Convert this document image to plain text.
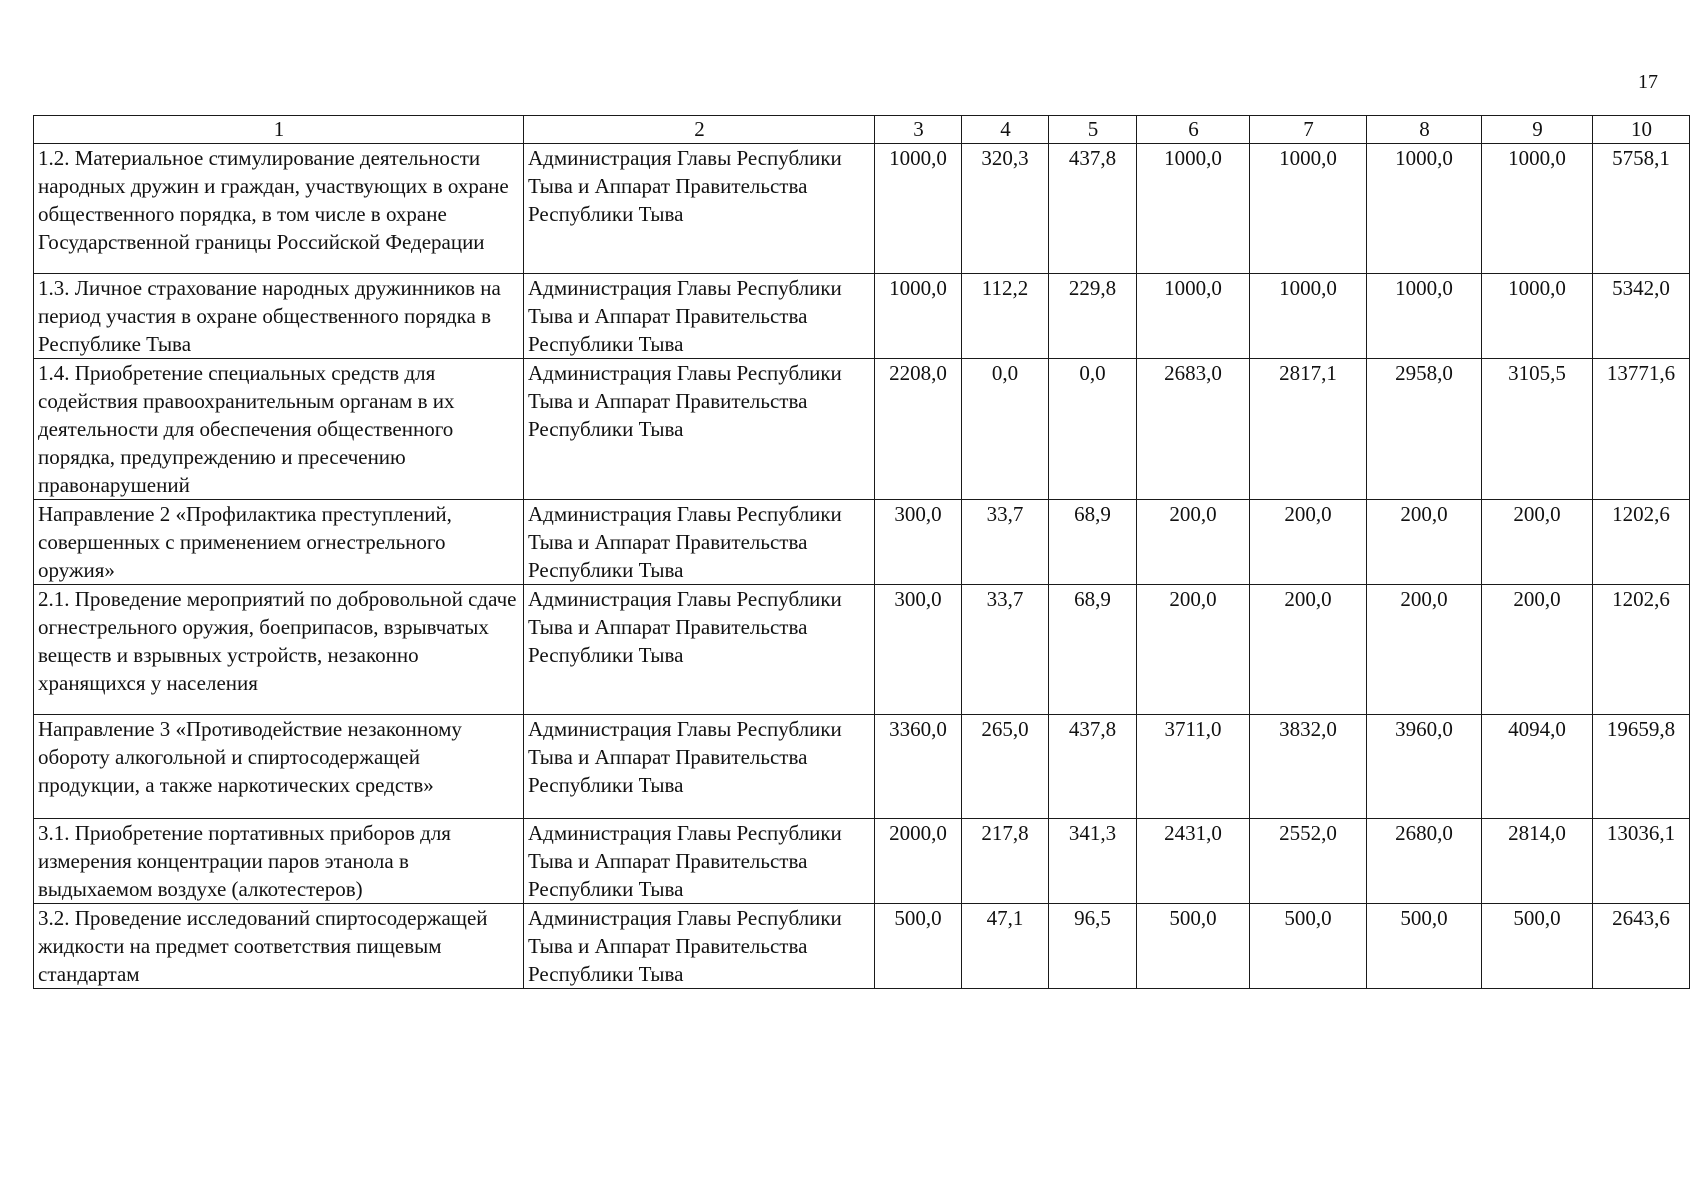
17
1	2	3	4	5	6	7	8	9	10
1.2. Материальное стимулирование деятельности народных дружин и граждан, участвующих в охране общественного порядка, в том числе в охране Государственной границы Российской Федерации	Администрация Главы Республики Тыва и Аппарат Правительства Республики Тыва	1000,0	320,3	437,8	1000,0	1000,0	1000,0	1000,0	5758,1
1.3. Личное страхование народных дружинников на период участия в охране общественного порядка в Республике Тыва	Администрация Главы Республики Тыва и Аппарат Правительства Республики Тыва	1000,0	112,2	229,8	1000,0	1000,0	1000,0	1000,0	5342,0
1.4. Приобретение специальных средств для содействия правоохранительным органам в их деятельности для обеспечения общественного порядка, предупреждению и пресечению правонарушений	Администрация Главы Республики Тыва и Аппарат Правительства Республики Тыва	2208,0	0,0	0,0	2683,0	2817,1	2958,0	3105,5	13771,6
Направление 2 «Профилактика преступлений, совершенных с применением огнестрельного оружия»	Администрация Главы Республики Тыва и Аппарат Правительства Республики Тыва	300,0	33,7	68,9	200,0	200,0	200,0	200,0	1202,6
2.1. Проведение мероприятий по добровольной сдаче огнестрельного оружия, боеприпасов, взрывчатых веществ и взрывных устройств, незаконно хранящихся у населения	Администрация Главы Республики Тыва и Аппарат Правительства Республики Тыва	300,0	33,7	68,9	200,0	200,0	200,0	200,0	1202,6
Направление 3 «Противодействие незаконному обороту алкогольной и спиртосодержащей продукции, а также наркотических средств»	Администрация Главы Республики Тыва и Аппарат Правительства Республики Тыва	3360,0	265,0	437,8	3711,0	3832,0	3960,0	4094,0	19659,8
3.1. Приобретение портативных приборов для измерения концентрации паров этанола в выдыхаемом воздухе (алкотестеров)	Администрация Главы Республики Тыва и Аппарат Правительства Республики Тыва	2000,0	217,8	341,3	2431,0	2552,0	2680,0	2814,0	13036,1
3.2. Проведение исследований спиртосодержащей жидкости на предмет соответствия пищевым стандартам	Администрация Главы Республики Тыва и Аппарат Правительства Республики Тыва	500,0	47,1	96,5	500,0	500,0	500,0	500,0	2643,6
